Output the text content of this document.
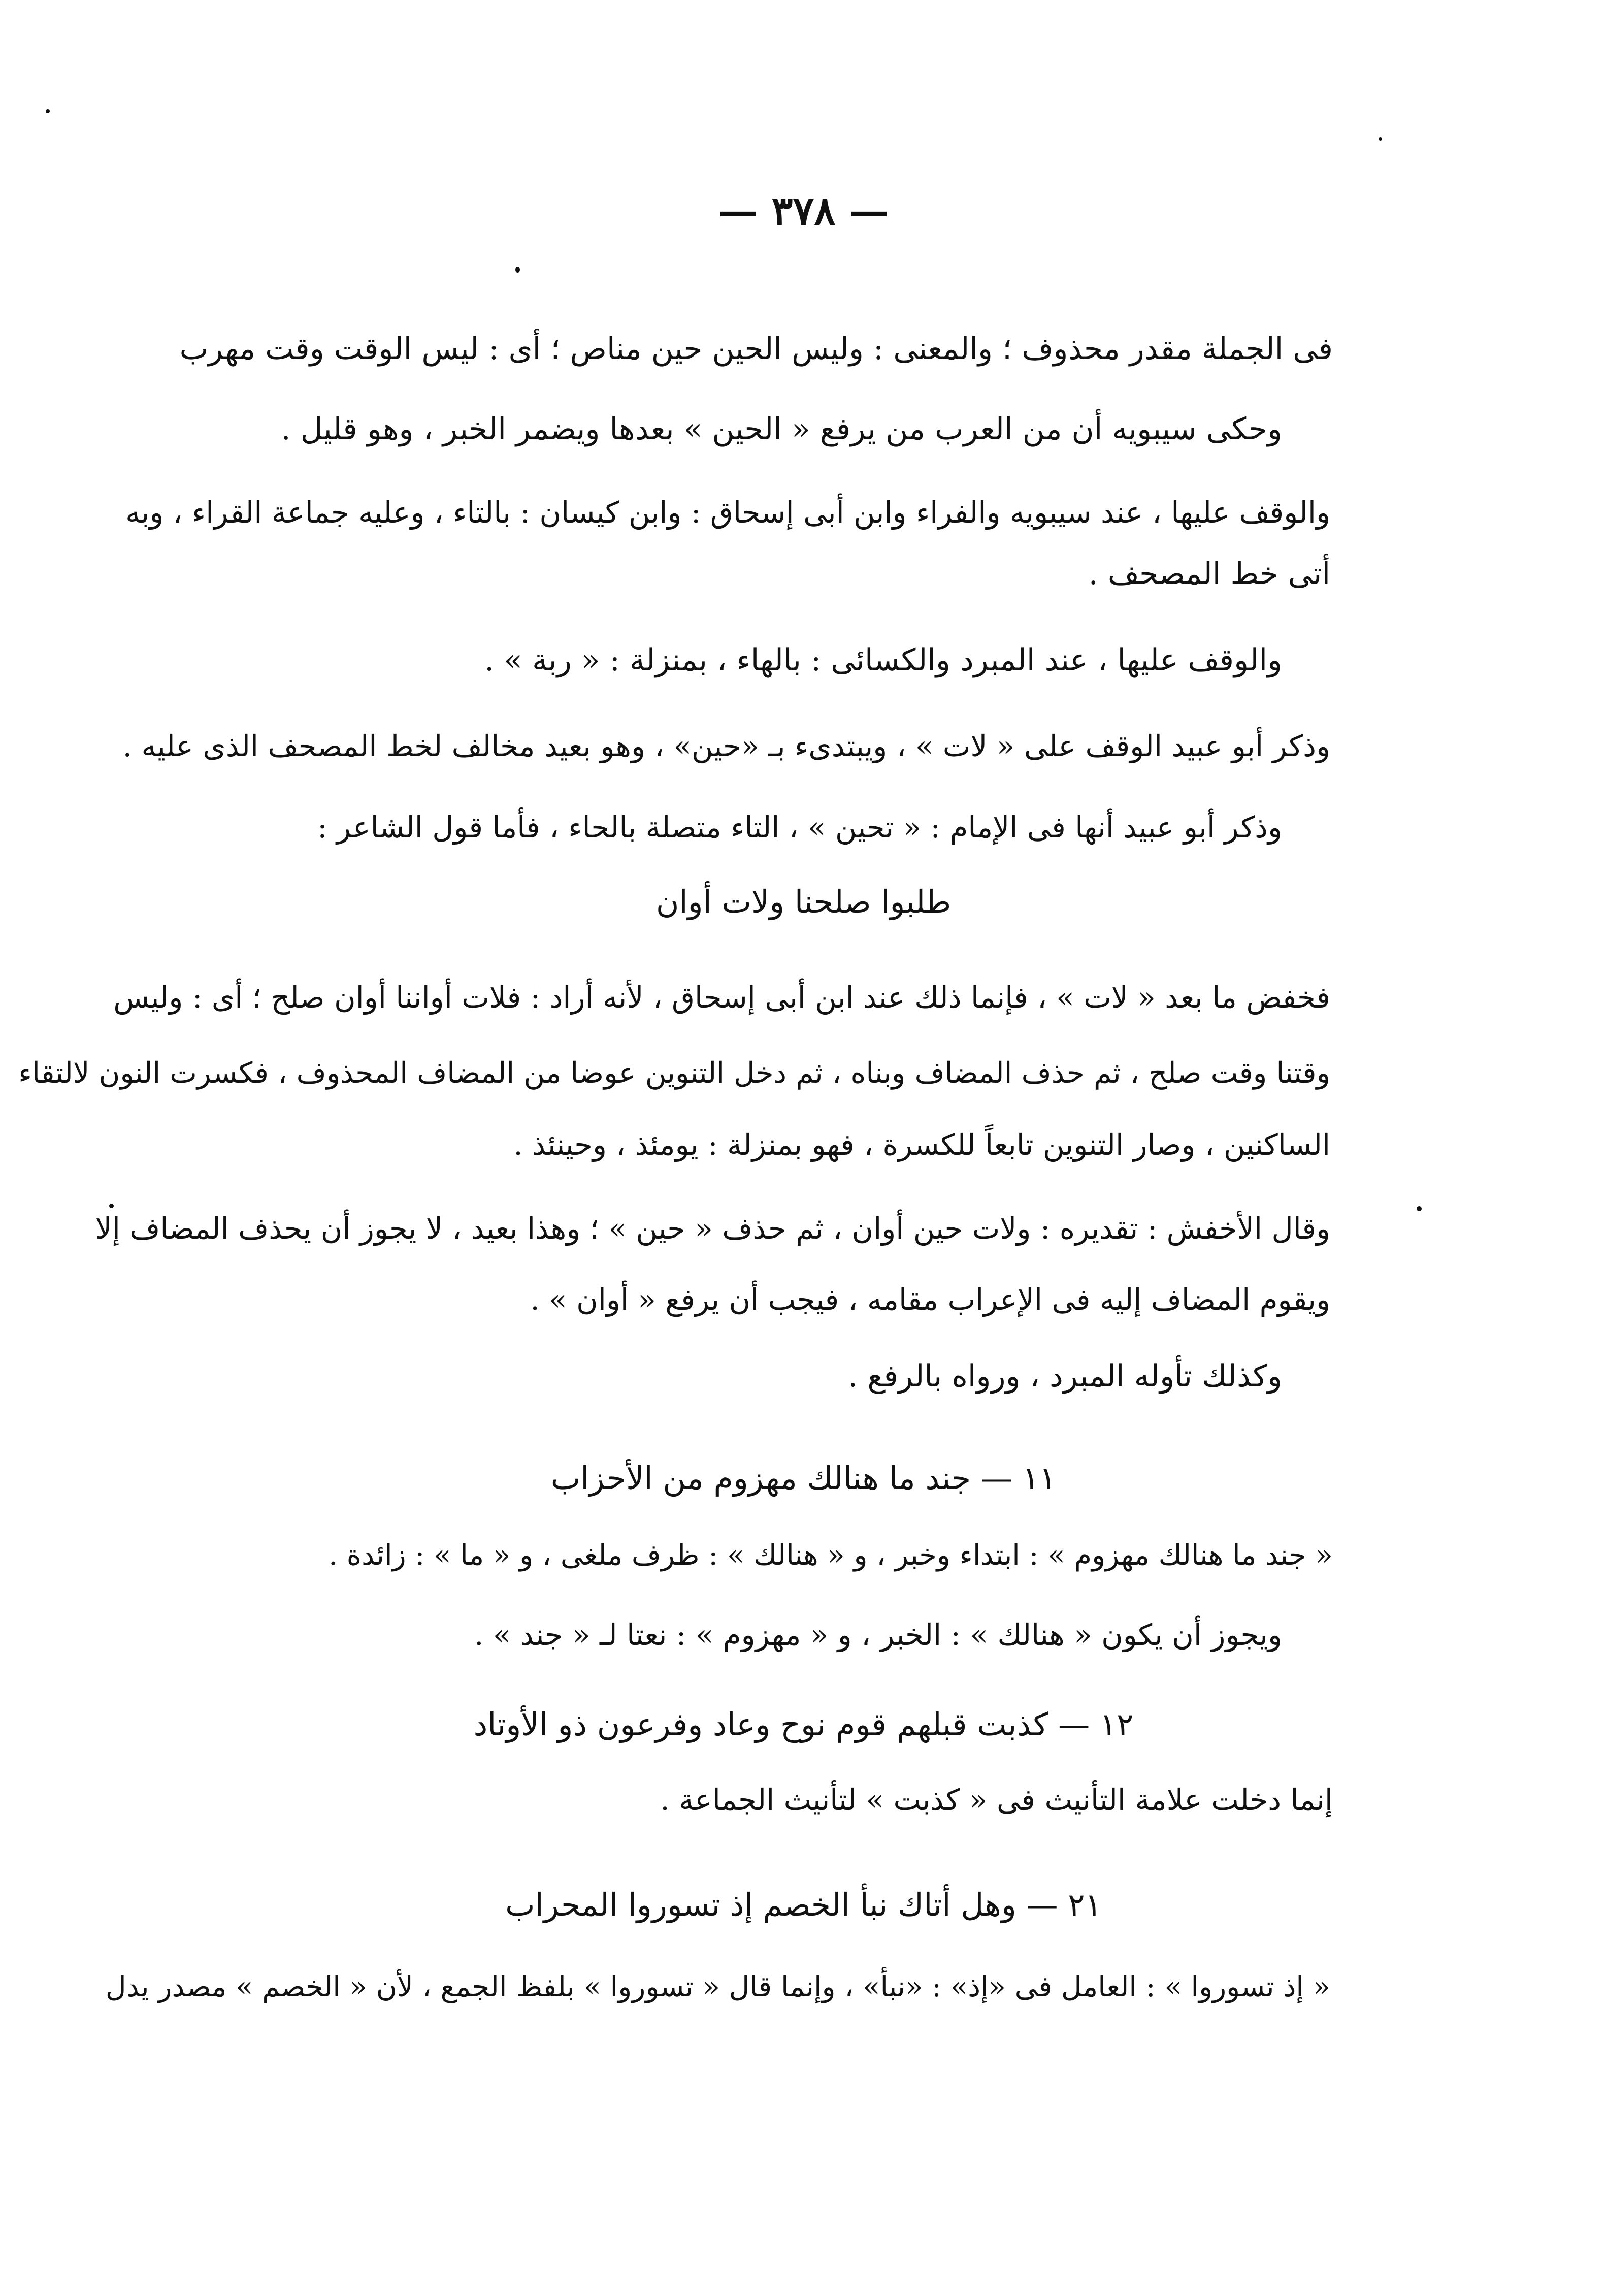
— ٣٧٨ —
فى الجملة مقدر محذوف ؛ والمعنى : وليس الحين حين مناص ؛ أى : ليس الوقت وقت مهرب
وحكى سيبويه أن من العرب من يرفع « الحين » بعدها ويضمر الخبر ، وهو قليل .
والوقف عليها ، عند سيبويه والفراء وابن أبى إسحاق : وابن كيسان : بالتاء ، وعليه جماعة القراء ، وبه
أتى خط المصحف .
والوقف عليها ، عند المبرد والكسائى : بالهاء ، بمنزلة : « ربة » .
وذكر أبو عبيد الوقف على « لات » ، ويبتدىء بـ «حين» ، وهو بعيد مخالف لخط المصحف الذى عليه .
وذكر أبو عبيد أنها فى الإمام : « تحين » ، التاء متصلة بالحاء ، فأما قول الشاعر :
طلبوا صلحنا ولات أوان
فخفض ما بعد « لات » ، فإنما ذلك عند ابن أبى إسحاق ، لأنه أراد : فلات أواننا أوان صلح ؛ أى : وليس
وقتنا وقت صلح ، ثم حذف المضاف وبناه ، ثم دخل التنوين عوضا من المضاف المحذوف ، فكسرت النون لالتقاء
الساكنين ، وصار التنوين تابعاً للكسرة ، فهو بمنزلة : يومئذ ، وحينئذ .
وقال الأخفش : تقديره : ولات حين أوان ، ثم حذف « حين » ؛ وهذا بعيد ، لا يجوز أن يحذف المضاف إلا
ويقوم المضاف إليه فى الإعراب مقامه ، فيجب أن يرفع « أوان » .
وكذلك تأوله المبرد ، ورواه بالرفع .
١١ — جند ما هنالك مهزوم من الأحزاب
« جند ما هنالك مهزوم » : ابتداء وخبر ، و « هنالك » : ظرف ملغى ، و « ما » : زائدة .
ويجوز أن يكون « هنالك » : الخبر ، و « مهزوم » : نعتا لـ « جند » .
١٢ — كذبت قبلهم قوم نوح وعاد وفرعون ذو الأوتاد
إنما دخلت علامة التأنيث فى « كذبت » لتأنيث الجماعة .
٢١ — وهل أتاك نبأ الخصم إذ تسوروا المحراب
« إذ تسوروا » : العامل فى «إذ» : «نبأ» ، وإنما قال « تسوروا » بلفظ الجمع ، لأن « الخصم » مصدر يدل
